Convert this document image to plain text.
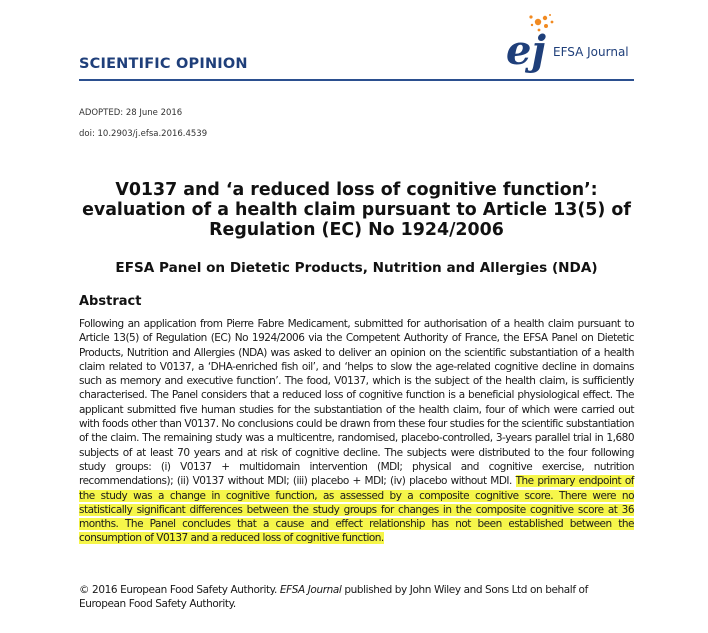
SCIENTIFIC OPINION	ej EFSA Journal
ADOPTED: 28 June 2016
doi: 10.2903/j.efsa.2016.4539
V0137 and ‘a reduced loss of cognitive function’:
evaluation of a health claim pursuant to Article 13(5) of
Regulation (EC) No 1924/2006
EFSA Panel on Dietetic Products, Nutrition and Allergies (NDA)
Abstract

Following an application from Pierre Fabre Medicament, submitted for authorisation of a health claim pursuant to Article 13(5) of Regulation (EC) No 1924/2006 via the Competent Authority of France, the EFSA Panel on Dietetic Products, Nutrition and Allergies (NDA) was asked to deliver an opinion on the scientific substantiation of a health claim related to V0137, a ‘DHA-enriched fish oil’, and ‘helps to slow the age-related cognitive decline in domains such as memory and executive function’. The food, V0137, which is the subject of the health claim, is sufficiently characterised. The Panel considers that a reduced loss of cognitive function is a beneficial physiological effect. The applicant submitted five human studies for the substantiation of the health claim, four of which were carried out with foods other than V0137. No conclusions could be drawn from these four studies for the scientific substantiation of the claim. The remaining study was a multicentre, randomised, placebo-controlled, 3-years parallel trial in 1,680 subjects of at least 70 years and at risk of cognitive decline. The subjects were distributed to the four following study groups: (i) V0137 + multidomain intervention (MDI; physical and cognitive exercise, nutrition recommendations); (ii) V0137 without MDI; (iii) placebo + MDI; (iv) placebo without MDI. The primary endpoint of the study was a change in cognitive function, as assessed by a composite cognitive score. There were no statistically significant differences between the study groups for changes in the composite cognitive score at 36 months. The Panel concludes that a cause and effect relationship has not been established between the consumption of V0137 and a reduced loss of cognitive function.

© 2016 European Food Safety Authority. EFSA Journal published by John Wiley and Sons Ltd on behalf of European Food Safety Authority.
